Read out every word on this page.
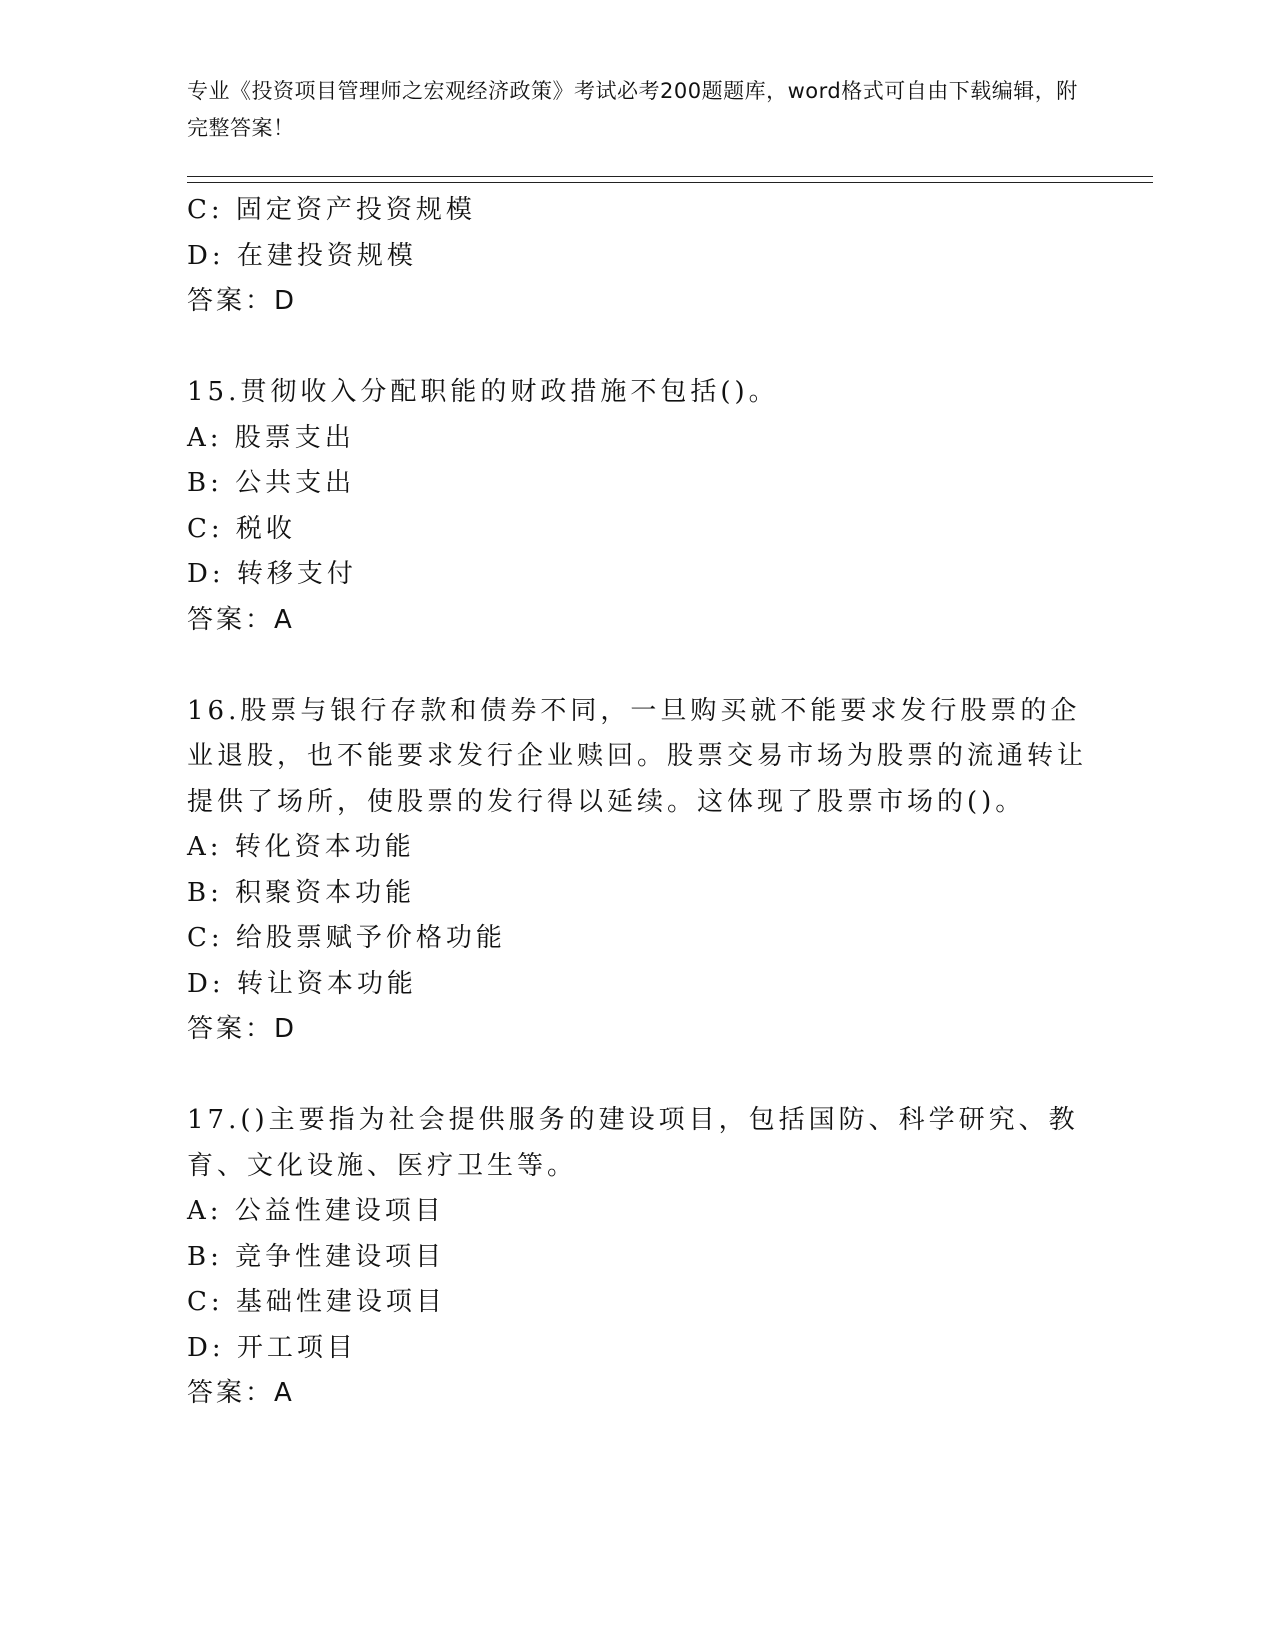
专业《投资项目管理师之宏观经济政策》考试必考200题题库，word格式可自由下载编辑，附完整答案！
C: 固定资产投资规模
D: 在建投资规模
答案：D
15.贯彻收入分配职能的财政措施不包括()。
A: 股票支出
B: 公共支出
C: 税收
D: 转移支付
答案：A
16.股票与银行存款和债券不同，一旦购买就不能要求发行股票的企业退股，也不能要求发行企业赎回。股票交易市场为股票的流通转让提供了场所，使股票的发行得以延续。这体现了股票市场的()。
A: 转化资本功能
B: 积聚资本功能
C: 给股票赋予价格功能
D: 转让资本功能
答案：D
17.()主要指为社会提供服务的建设项目，包括国防、科学研究、教育、文化设施、医疗卫生等。
A: 公益性建设项目
B: 竞争性建设项目
C: 基础性建设项目
D: 开工项目
答案：A
